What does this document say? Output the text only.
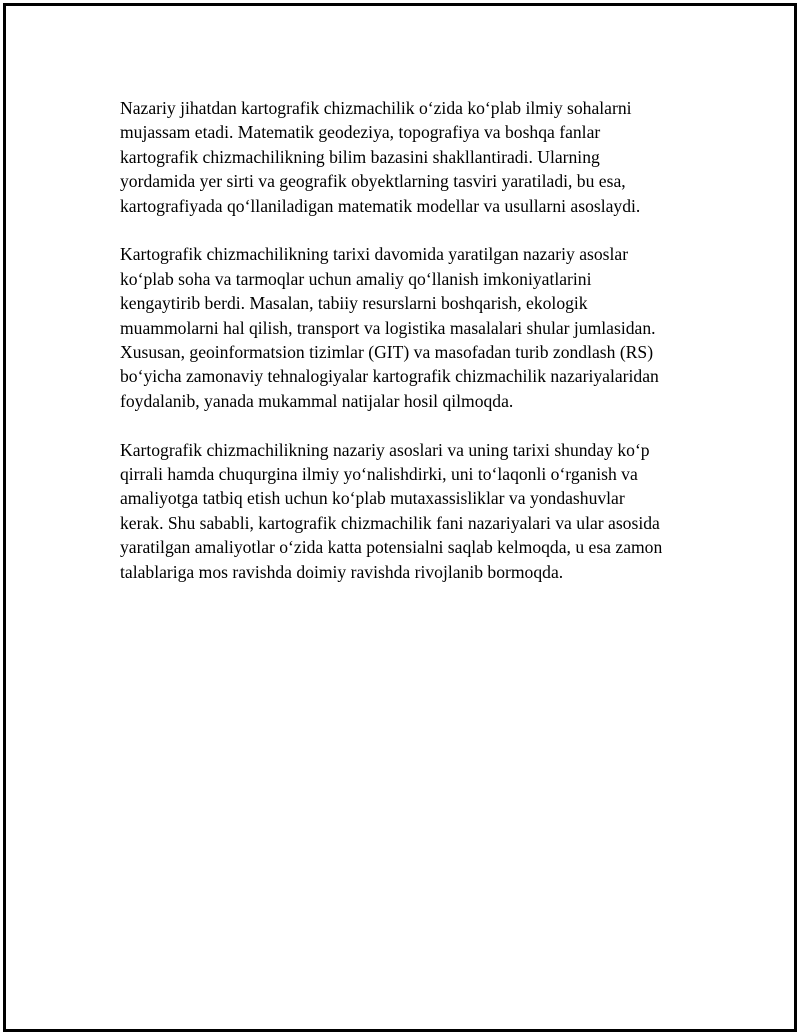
Nazariy jihatdan kartografik chizmachilik o‘zida ko‘plab ilmiy sohalarni
mujassam etadi. Matematik geodeziya, topografiya va boshqa fanlar
kartografik chizmachilikning bilim bazasini shakllantiradi. Ularning
yordamida yer sirti va geografik obyektlarning tasviri yaratiladi, bu esa,
kartografiyada qo‘llaniladigan matematik modellar va usullarni asoslaydi.

Kartografik chizmachilikning tarixi davomida yaratilgan nazariy asoslar
ko‘plab soha va tarmoqlar uchun amaliy qo‘llanish imkoniyatlarini
kengaytirib berdi. Masalan, tabiiy resurslarni boshqarish, ekologik
muammolarni hal qilish, transport va logistika masalalari shular jumlasidan.
Xususan, geoinformatsion tizimlar (GIT) va masofadan turib zondlash (RS)
bo‘yicha zamonaviy tehnalogiyalar kartografik chizmachilik nazariyalaridan
foydalanib, yanada mukammal natijalar hosil qilmoqda.

Kartografik chizmachilikning nazariy asoslari va uning tarixi shunday ko‘p
qirrali hamda chuqurgina ilmiy yo‘nalishdirki, uni to‘laqonli o‘rganish va
amaliyotga tatbiq etish uchun ko‘plab mutaxassisliklar va yondashuvlar
kerak. Shu sababli, kartografik chizmachilik fani nazariyalari va ular asosida
yaratilgan amaliyotlar o‘zida katta potensialni saqlab kelmoqda, u esa zamon
talablariga mos ravishda doimiy ravishda rivojlanib bormoqda.
